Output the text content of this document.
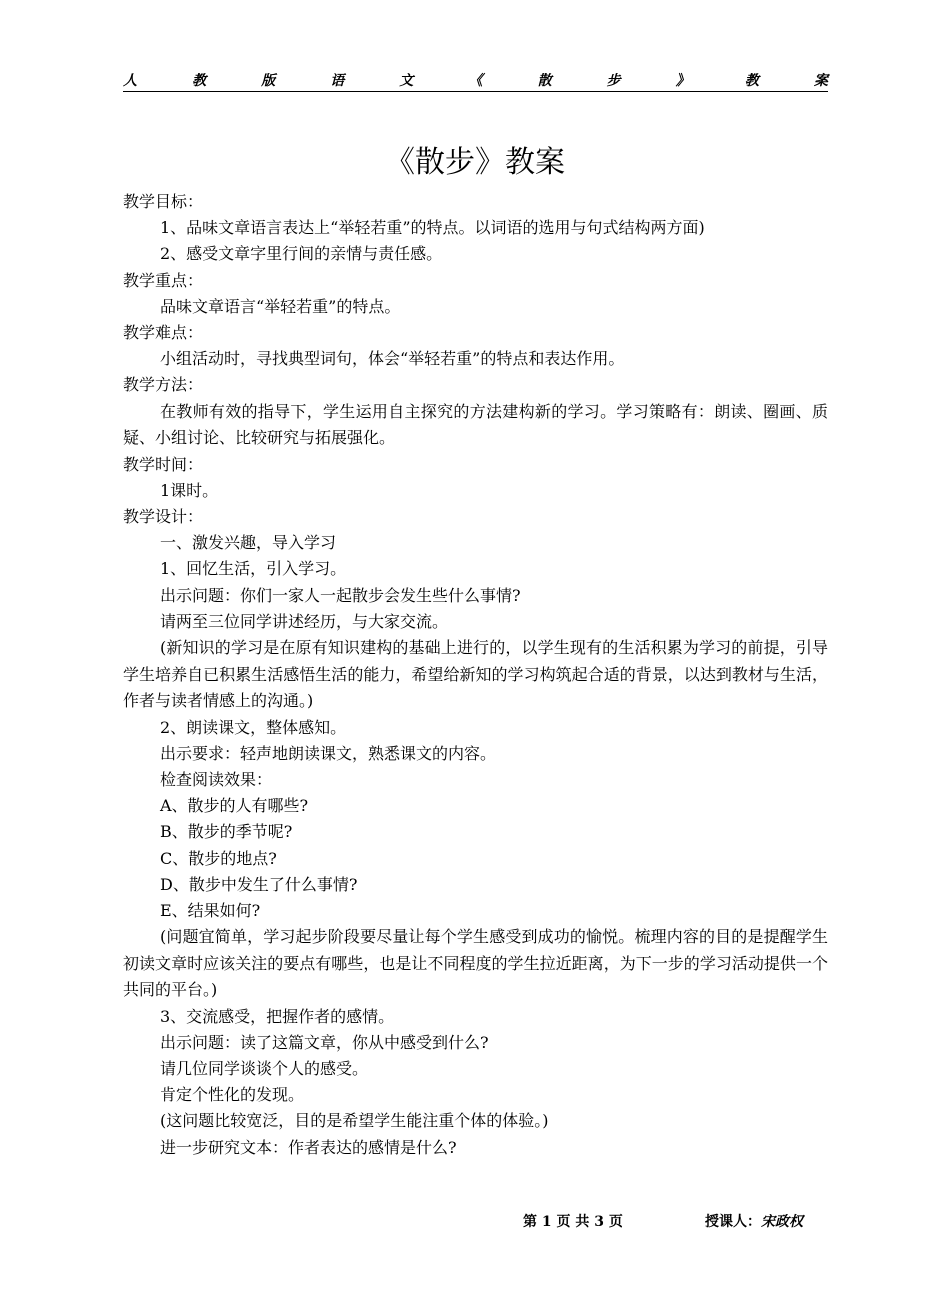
人	教	版	语	文	《	散	步	》	教	案
《散步》教案
教学目标：
1、品味文章语言表达上“举轻若重”的特点。以词语的选用与句式结构两方面)
2、感受文章字里行间的亲情与责任感。
教学重点：
品味文章语言“举轻若重”的特点。
教学难点：
小组活动时，寻找典型词句，体会“举轻若重”的特点和表达作用。
教学方法：
在教师有效的指导下，学生运用自主探究的方法建构新的学习。学习策略有：朗读、圈画、质疑、小组讨论、比较研究与拓展强化。
教学时间：
1课时。
教学设计：
一、激发兴趣，导入学习
1、回忆生活，引入学习。
出示问题：你们一家人一起散步会发生些什么事情?
请两至三位同学讲述经历，与大家交流。
(新知识的学习是在原有知识建构的基础上进行的，以学生现有的生活积累为学习的前提，引导学生培养自已积累生活感悟生活的能力，希望给新知的学习构筑起合适的背景，以达到教材与生活，作者与读者情感上的沟通。)
2、朗读课文，整体感知。
出示要求：轻声地朗读课文，熟悉课文的内容。
检查阅读效果：
A、散步的人有哪些?
B、散步的季节呢?
C、散步的地点?
D、散步中发生了什么事情?
E、结果如何?
(问题宜简单，学习起步阶段要尽量让每个学生感受到成功的愉悦。梳理内容的目的是提醒学生初读文章时应该关注的要点有哪些，也是让不同程度的学生拉近距离，为下一步的学习活动提供一个共同的平台。)
3、交流感受，把握作者的感情。
出示问题：读了这篇文章，你从中感受到什么?
请几位同学谈谈个人的感受。
肯定个性化的发现。
(这问题比较宽泛，目的是希望学生能注重个体的体验。)
进一步研究文本：作者表达的感情是什么?
第 1 页 共 3 页	授课人：宋政权
